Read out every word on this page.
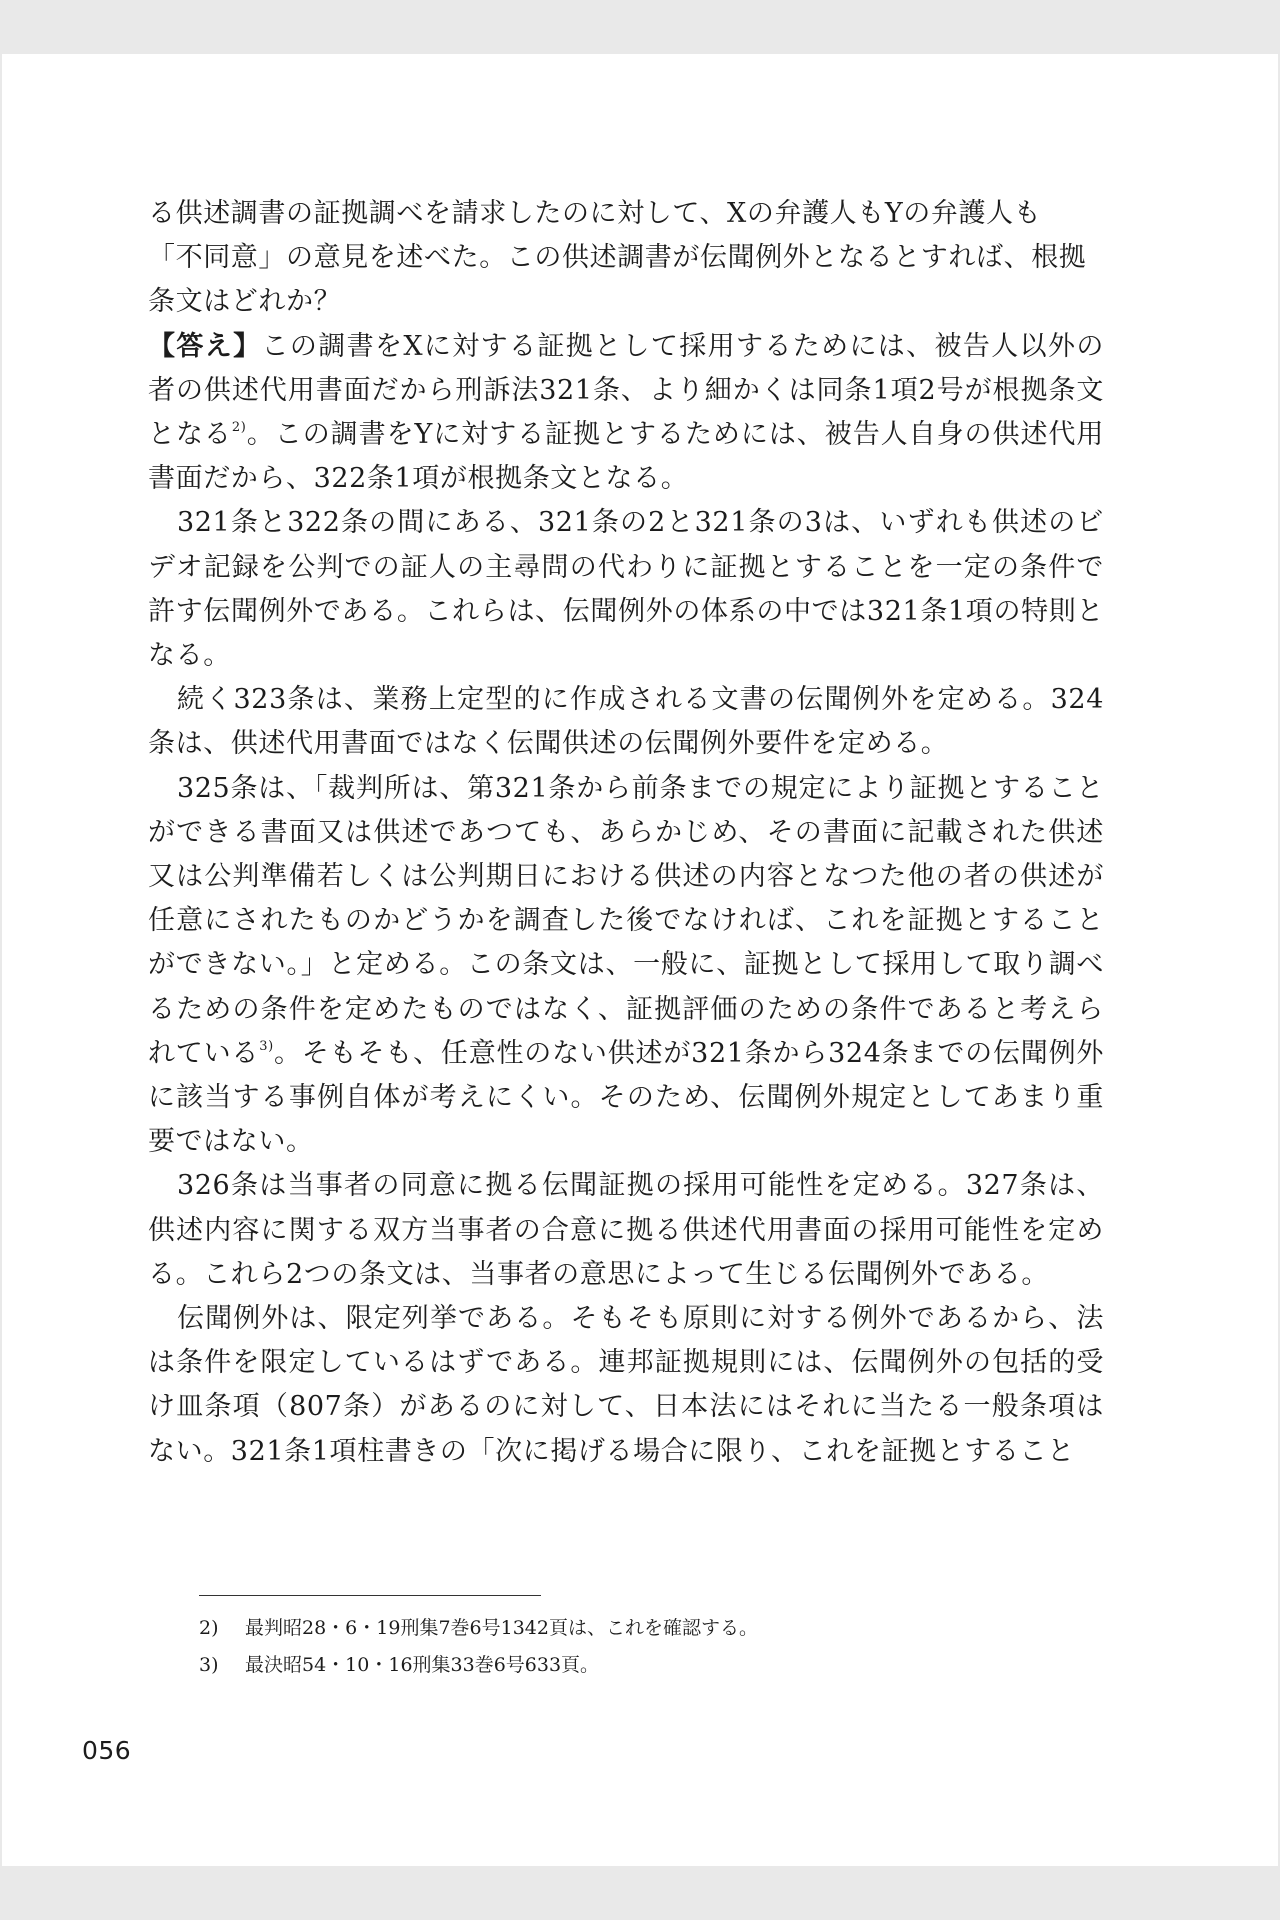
る供述調書の証拠調べを請求したのに対して、Xの弁護人もYの弁護人も

「不同意」の意見を述べた。この供述調書が伝聞例外となるとすれば、根拠

条文はどれか？

【答え】この調書をXに対する証拠として採用するためには、被告人以外の者の供述代用書面だから刑訴法321条、より細かくは同条1項2号が根拠条文となる$^{2)}$。この調書をYに対する証拠とするためには、被告人自身の供述代用書面だから、322条1項が根拠条文となる。

321条と322条の間にある、321条の2と321条の3は、いずれも供述のビデオ記録を公判での証人の主尋問の代わりに証拠とすることを一定の条件で許す伝聞例外である。これらは、伝聞例外の体系の中では321条1項の特則となる。

続く323条は、業務上定型的に作成される文書の伝聞例外を定める。324条は、供述代用書面ではなく伝聞供述の伝聞例外要件を定める。

325条は、「裁判所は、第321条から前条までの規定により証拠とすることができる書面又は供述であつても、あらかじめ、その書面に記載された供述又は公判準備若しくは公判期日における供述の内容となつた他の者の供述が任意にされたものかどうかを調査した後でなければ、これを証拠とすることができない。」と定める。この条文は、一般に、証拠として採用して取り調べるための条件を定めたものではなく、証拠評価のための条件であると考えられている$^{3)}$。そもそも、任意性のない供述が321条から324条までの伝聞例外に該当する事例自体が考えにくい。そのため、伝聞例外規定としてあまり重要ではない。

326条は当事者の同意に拠る伝聞証拠の採用可能性を定める。327条は、供述内容に関する双方当事者の合意に拠る供述代用書面の採用可能性を定める。これら2つの条文は、当事者の意思によって生じる伝聞例外である。

伝聞例外は、限定列挙である。そもそも原則に対する例外であるから、法は条件を限定しているはずである。連邦証拠規則には、伝聞例外の包括的受け皿条項（807条）があるのに対して、日本法にはそれに当たる一般条項はない。321条1項柱書きの「次に掲げる場合に限り、これを証拠とすること

2)	最判昭28・6・19刑集7巻6号1342頁は、これを確認する。
3)	最決昭54・10・16刑集33巻6号633頁。
056
